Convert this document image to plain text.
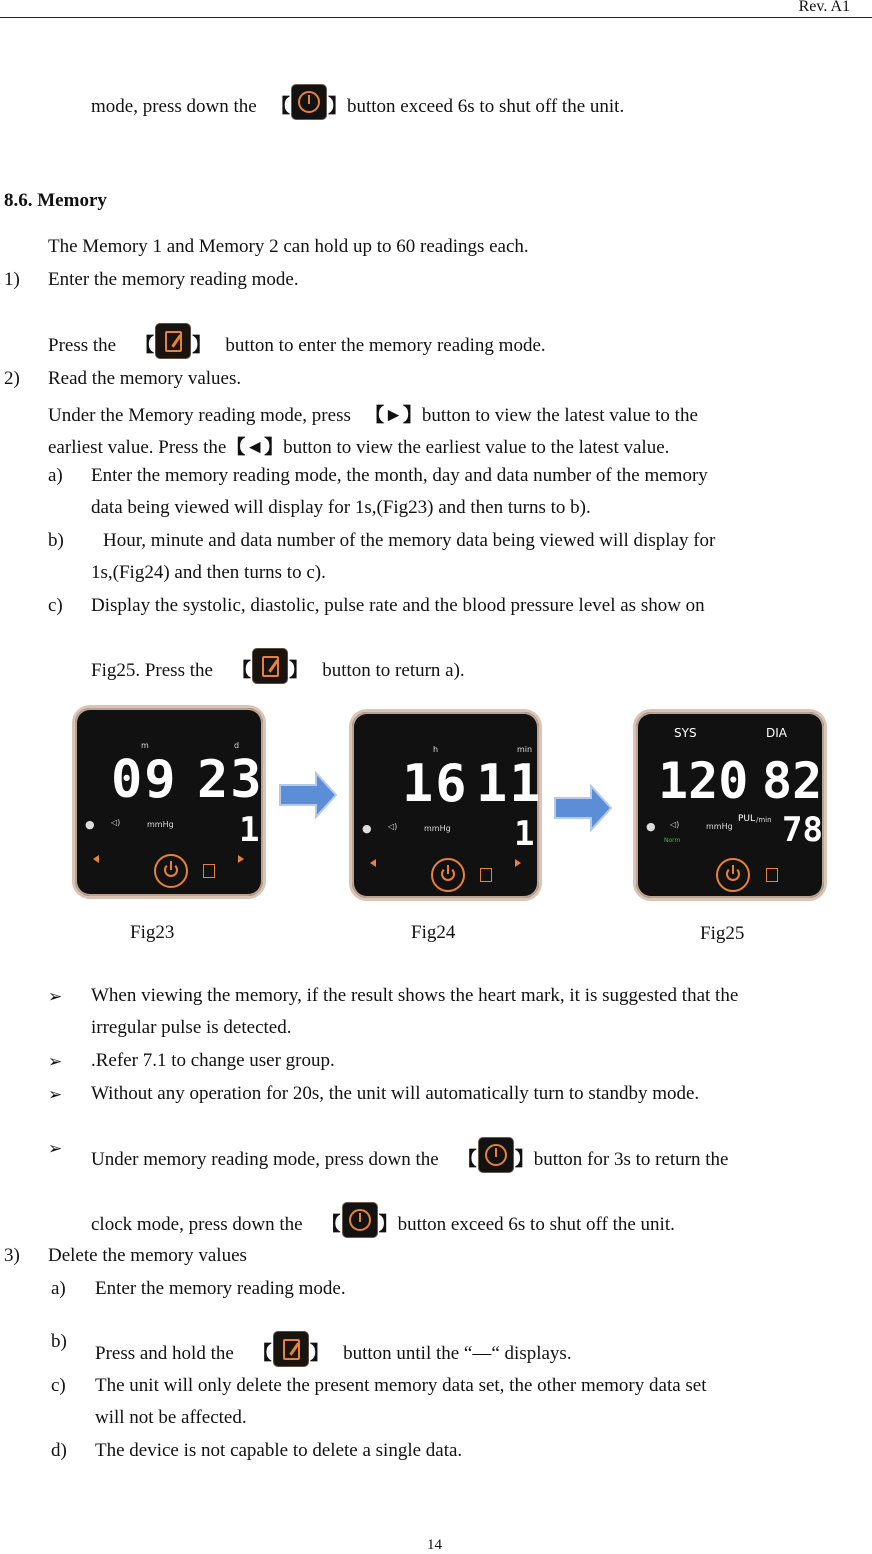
Rev. A1
mode, press down the 【 】button exceed 6s to shut off the unit.
8.6. Memory
The Memory 1 and Memory 2 can hold up to 60 readings each.
1) Enter the memory reading mode.
Press the 【 】 button to enter the memory reading mode.
2) Read the memory values.
Under the Memory reading mode, press 【►】button to view the latest value to the
earliest value. Press the【◄】button to view the earliest value to the latest value.
a) Enter the memory reading mode, the month, day and data number of the memory
data being viewed will display for 1s,(Fig23) and then turns to b).
b) Hour, minute and data number of the memory data being viewed will display for
1s,(Fig24) and then turns to c).
c) Display the systolic, diastolic, pulse rate and the blood pressure level as show on
Fig25. Press the 【 】 button to return a).
m	d
09 23
1
mmHg
● ◁)
h	min
16 11
1
mmHg
● ◁)
SYS	DIA
120 82
PUL /min 78
mmHg
Norm
● ◁)
Fig23	Fig24	Fig25
➢ When viewing the memory, if the result shows the heart mark, it is suggested that the
irregular pulse is detected.
➢ .Refer 7.1 to change user group.
➢ Without any operation for 20s, the unit will automatically turn to standby mode.
➢
Under memory reading mode, press down the 【 】button for 3s to return the
clock mode, press down the 【 】button exceed 6s to shut off the unit.
3) Delete the memory values
a) Enter the memory reading mode.
b)
Press and hold the 【 】 button until the “—“ displays.
c) The unit will only delete the present memory data set, the other memory data set
will not be affected.
d) The device is not capable to delete a single data.
14
